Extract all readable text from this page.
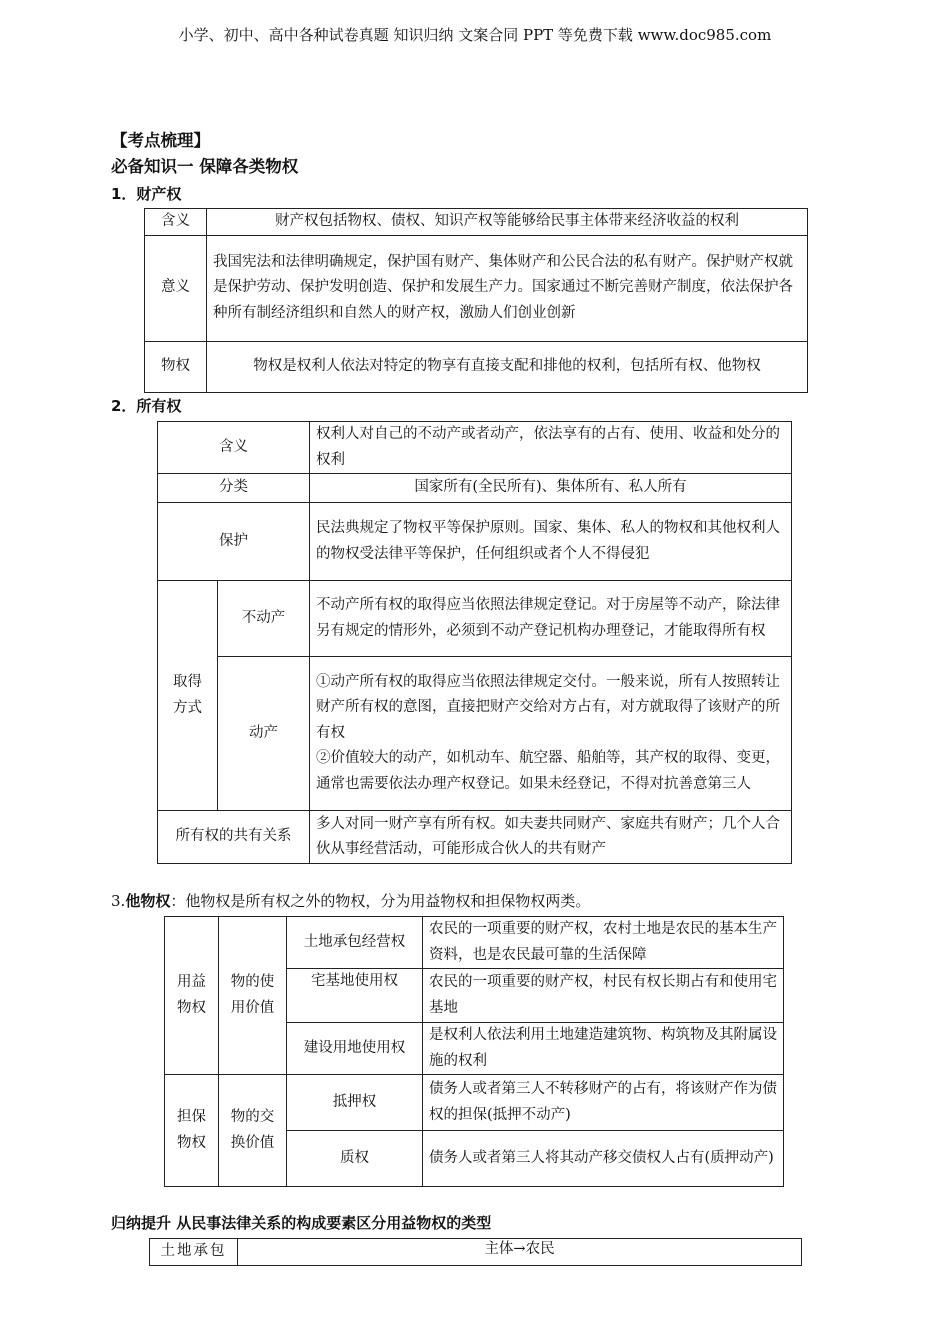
小学、初中、高中各种试卷真题 知识归纳 文案合同 PPT 等免费下载 www.doc985.com
【考点梳理】
必备知识一 保障各类物权
1．财产权
含义	财产权包括物权、债权、知识产权等能够给民事主体带来经济收益的权利
意义	我国宪法和法律明确规定，保护国有财产、集体财产和公民合法的私有财产。保护财产权就是保护劳动、保护发明创造、保护和发展生产力。国家通过不断完善财产制度，依法保护各种所有制经济组织和自然人的财产权，激励人们创业创新
物权	物权是权利人依法对特定的物享有直接支配和排他的权利，包括所有权、他物权
2．所有权
含义		权利人对自己的不动产或者动产，依法享有的占有、使用、收益和处分的权利
分类		国家所有(全民所有)、集体所有、私人所有
保护		民法典规定了物权平等保护原则。国家、集体、私人的物权和其他权利人的物权受法律平等保护，任何组织或者个人不得侵犯
取得方式	不动产	不动产所有权的取得应当依照法律规定登记。对于房屋等不动产，除法律另有规定的情形外，必须到不动产登记机构办理登记，才能取得所有权
	动产	①动产所有权的取得应当依照法律规定交付。一般来说，所有人按照转让财产所有权的意图，直接把财产交给对方占有，对方就取得了该财产的所有权
②价值较大的动产，如机动车、航空器、船舶等，其产权的取得、变更，通常也需要依法办理产权登记。如果未经登记，不得对抗善意第三人

所有权的共有关系		多人对同一财产享有所有权。如夫妻共同财产、家庭共有财产；几个人合伙从事经营活动，可能形成合伙人的共有财产
3.他物权：他物权是所有权之外的物权，分为用益物权和担保物权两类。
用益物权	物的使用价值	土地承包经营权	农民的一项重要的财产权，农村土地是农民的基本生产资料，也是农民最可靠的生活保障
		宅基地使用权	农民的一项重要的财产权，村民有权长期占有和使用宅基地
		建设用地使用权	是权利人依法利用土地建造建筑物、构筑物及其附属设施的权利
担保物权	物的交换价值	抵押权	债务人或者第三人不转移财产的占有，将该财产作为债权的担保(抵押不动产)
		质权	债务人或者第三人将其动产移交债权人占有(质押动产)
归纳提升 从民事法律关系的构成要素区分用益物权的类型
土地承包	主体→农民
